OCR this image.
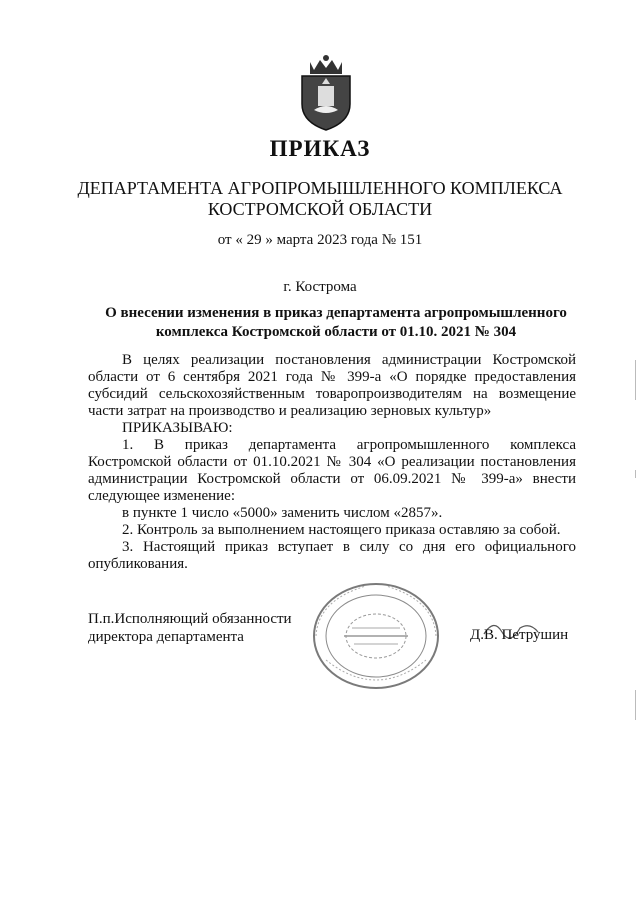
ПРИКАЗ
ДЕПАРТАМЕНТА АГРОПРОМЫШЛЕННОГО КОМПЛЕКСА
КОСТРОМСКОЙ ОБЛАСТИ
от « 29 » марта 2023 года № 151
г. Кострома
О внесении изменения в приказ департамента агропромышленного
комплекса Костромской области от 01.10. 2021 № 304

В целях реализации постановления администрации Костромской области от 6 сентября 2021 года № 399-а «О порядке предоставления субсидий сельскохозяйственным товаропроизводителям на возмещение части затрат на производство и реализацию зерновых культур»

ПРИКАЗЫВАЮ:

1. В приказ департамента агропромышленного комплекса Костромской области от 01.10.2021 № 304 «О реализации постановления администрации Костромской области от 06.09.2021 № 399-а» внести следующее изменение:

в пункте 1 число «5000» заменить числом «2857».

2. Контроль за выполнением настоящего приказа оставляю за собой.

3. Настоящий приказ вступает в силу со дня его официального опубликования.

П.п.Исполняющий обязанности
директора департамента	Д.В. Петрушин
